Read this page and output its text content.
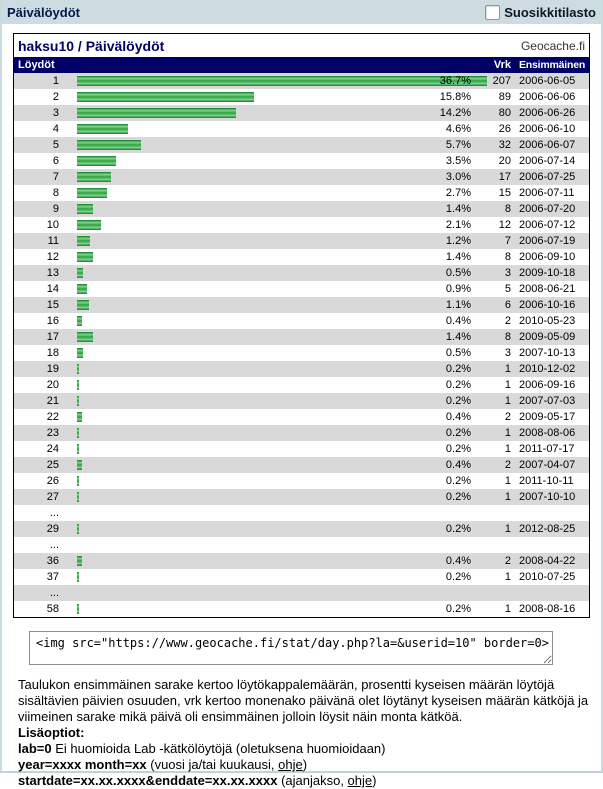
Päivälöydöt	Suosikkitilasto
haksu10 / Päivälöydöt	Geocache.fi
Löydöt	Vrk Ensimmäinen
1	36.7%	207 2006-06-05
2	15.8%	89 2006-06-06
3	14.2%	80 2006-06-26
4	4.6%	26 2006-06-10
5	5.7%	32 2006-06-07
6	3.5%	20 2006-07-14
7	3.0%	17 2006-07-25
8	2.7%	15 2006-07-11
9	1.4%	8 2006-07-20
10	2.1%	12 2006-07-12
11	1.2%	7 2006-07-19
12	1.4%	8 2006-09-10
13	0.5%	3 2009-10-18
14	0.9%	5 2008-06-21
15	1.1%	6 2006-10-16
16	0.4%	2 2010-05-23
17	1.4%	8 2009-05-09
18	0.5%	3 2007-10-13
19	0.2%	1 2010-12-02
20	0.2%	1 2006-09-16
21	0.2%	1 2007-07-03
22	0.4%	2 2009-05-17
23	0.2%	1 2008-08-06
24	0.2%	1 2011-07-17
25	0.4%	2 2007-04-07
26	0.2%	1 2011-10-11
27	0.2%	1 2007-10-10
...
29	0.2%	1 2012-08-25
...
36	0.4%	2 2008-04-22
37	0.2%	1 2010-07-25
...
58	0.2%	1 2008-08-16
<img src="https://www.geocache.fi/stat/day.php?la=&userid=10" border=0>
Taulukon ensimmäinen sarake kertoo löytökappalemäärän, prosentti kyseisen määrän löytöjä sisältävien päivien osuuden, vrk kertoo monenako päivänä olet löytänyt kyseisen määrän kätköjä ja viimeinen sarake mikä päivä oli ensimmäinen jolloin löysit näin monta kätköä.
Lisäoptiot:
lab=0 Ei huomioida Lab -kätkölöytöjä (oletuksena huomioidaan)
year=xxxx month=xx (vuosi ja/tai kuukausi, ohje)
startdate=xx.xx.xxxx&enddate=xx.xx.xxxx (ajanjakso, ohje)
